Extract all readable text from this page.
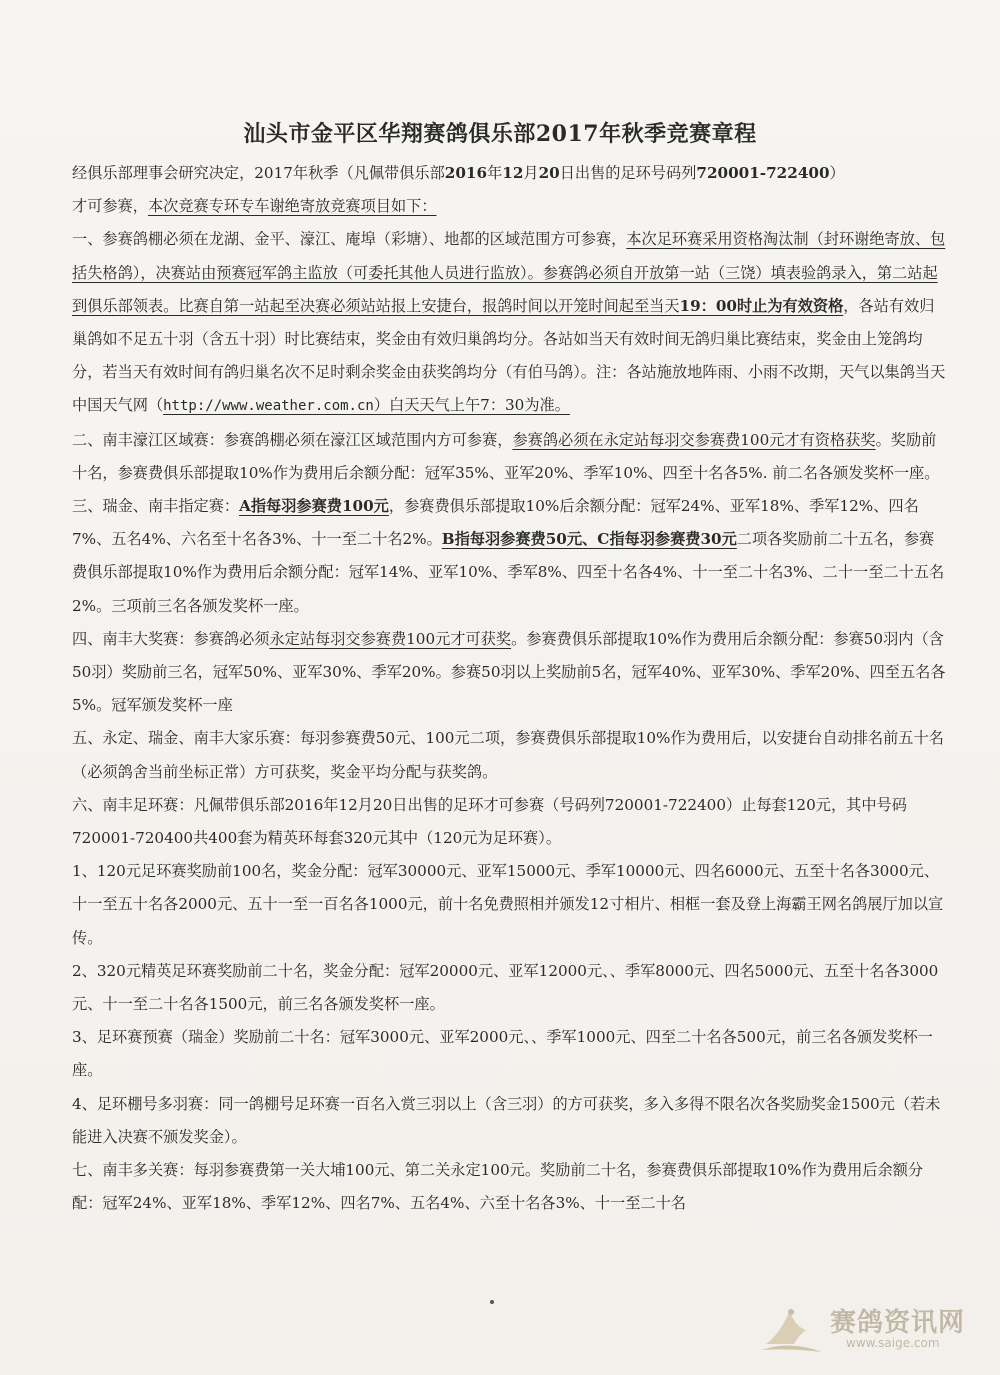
汕头市金平区华翔赛鸽俱乐部2017年秋季竞赛章程

经俱乐部理事会研究决定，2017年秋季（凡佩带俱乐部2016年12月20日出售的足环号码列720001-722400）
才可参赛，本次竞赛专环专车谢绝寄放竞赛项目如下：

一、参赛鸽棚必须在龙湖、金平、濠江、庵埠（彩塘）、地都的区域范围方可参赛，本次足环赛采用资格淘汰制（封环谢绝寄放、包括失格鸽），决赛站由预赛冠军鸽主监放（可委托其他人员进行监放）。参赛鸽必须自开放第一站（三饶）填表验鸽录入，第二站起到俱乐部领表。比赛自第一站起至决赛必须站站报上安捷台，报鸽时间以开笼时间起至当天19：00时止为有效资格，各站有效归巢鸽如不足五十羽（含五十羽）时比赛结束，奖金由有效归巢鸽均分。各站如当天有效时间无鸽归巢比赛结束，奖金由上笼鸽均分，若当天有效时间有鸽归巢名次不足时剩余奖金由获奖鸽均分（有伯马鸽）。注：各站施放地阵雨、小雨不改期，天气以集鸽当天中国天气网（http://www.weather.com.cn）白天天气上午7：30为准。

二、南丰濠江区域赛：参赛鸽棚必须在濠江区域范围内方可参赛，参赛鸽必须在永定站每羽交参赛费100元才有资格获奖。奖励前十名，参赛费俱乐部提取10%作为费用后余额分配：冠军35%、亚军20%、季军10%、四至十名各5%. 前二名各颁发奖杯一座。

三、瑞金、南丰指定赛：A指每羽参赛费100元，参赛费俱乐部提取10%后余额分配：冠军24%、亚军18%、季军12%、四名7%、五名4%、六名至十名各3%、十一至二十名2%。B指每羽参赛费50元、C指每羽参赛费30元二项各奖励前二十五名，参赛费俱乐部提取10%作为费用后余额分配：冠军14%、亚军10%、季军8%、四至十名各4%、十一至二十名3%、二十一至二十五名2%。三项前三名各颁发奖杯一座。

四、南丰大奖赛：参赛鸽必须永定站每羽交参赛费100元才可获奖。参赛费俱乐部提取10%作为费用后余额分配：参赛50羽内（含50羽）奖励前三名，冠军50%、亚军30%、季军20%。参赛50羽以上奖励前5名，冠军40%、亚军30%、季军20%、四至五名各5%。冠军颁发奖杯一座

五、永定、瑞金、南丰大家乐赛：每羽参赛费50元、100元二项，参赛费俱乐部提取10%作为费用后，以安捷台自动排名前五十名（必须鸽舍当前坐标正常）方可获奖，奖金平均分配与获奖鸽。

六、南丰足环赛：凡佩带俱乐部2016年12月20日出售的足环才可参赛（号码列720001-722400）止每套120元，其中号码720001-720400共400套为精英环每套320元其中（120元为足环赛）。

1、120元足环赛奖励前100名，奖金分配：冠军30000元、亚军15000元、季军10000元、四名6000元、五至十名各3000元、十一至五十名各2000元、五十一至一百名各1000元，前十名免费照相并颁发12寸相片、相框一套及登上海霸王网名鸽展厅加以宣传。

2、320元精英足环赛奖励前二十名，奖金分配：冠军20000元、亚军12000元、、季军8000元、四名5000元、五至十名各3000元、十一至二十名各1500元，前三名各颁发奖杯一座。

3、足环赛预赛（瑞金）奖励前二十名：冠军3000元、亚军2000元、、季军1000元、四至二十名各500元，前三名各颁发奖杯一座。

4、足环棚号多羽赛：同一鸽棚号足环赛一百名入赏三羽以上（含三羽）的方可获奖，多入多得不限名次各奖励奖金1500元（若未能进入决赛不颁发奖金）。

七、南丰多关赛：每羽参赛费第一关大埔100元、第二关永定100元。奖励前二十名，参赛费俱乐部提取10%作为费用后余额分配：冠军24%、亚军18%、季军12%、四名7%、五名4%、六至十名各3%、十一至二十名

赛鸽资讯网
www.saige.com
